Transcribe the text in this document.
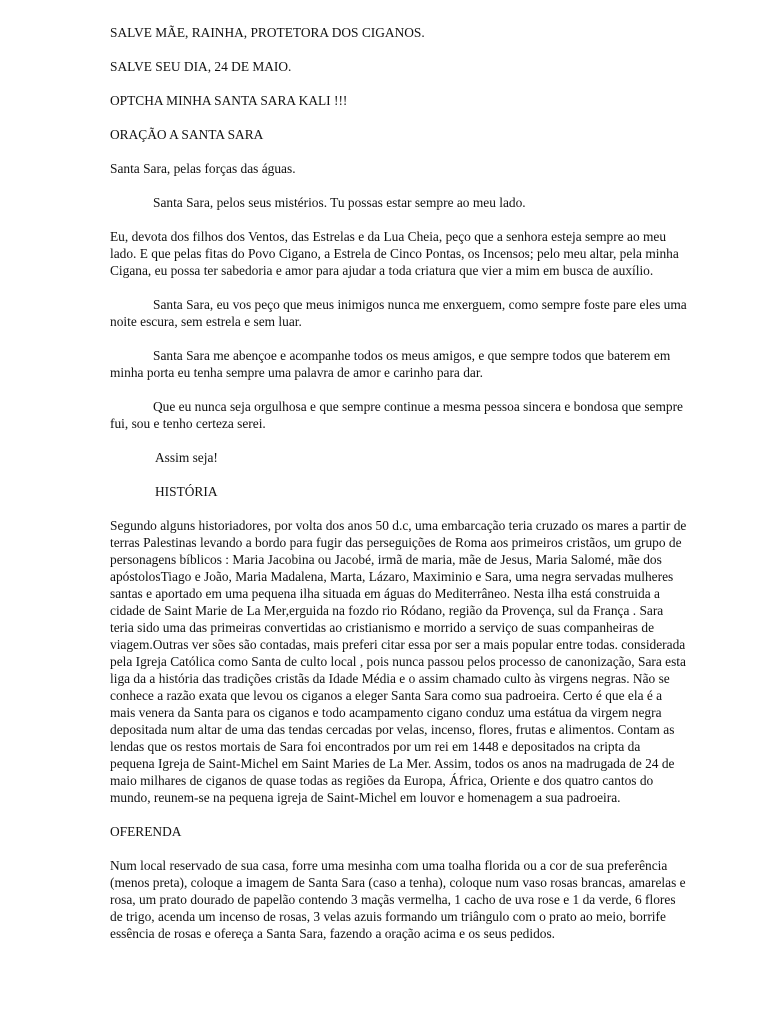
SALVE MÃE, RAINHA, PROTETORA DOS CIGANOS.

SALVE SEU DIA, 24 DE MAIO.

OPTCHA MINHA SANTA SARA KALI !!!

ORAÇÃO A SANTA SARA

Santa Sara, pelas forças das águas.

Santa Sara, pelos seus mistérios. Tu possas estar sempre ao meu lado.

Eu, devota dos filhos dos Ventos, das Estrelas e da Lua Cheia, peço que a senhora esteja sempre ao meu lado. E que pelas fitas do Povo Cigano, a Estrela de Cinco Pontas, os Incensos; pelo meu altar, pela minha Cigana, eu possa ter sabedoria e amor para ajudar a toda criatura que vier a mim em busca de auxílio.

Santa Sara, eu vos peço que meus inimigos nunca me enxerguem, como sempre foste pare eles uma noite escura, sem estrela e sem luar.

Santa Sara me abençoe e acompanhe todos os meus amigos, e que sempre todos que baterem em minha porta eu tenha sempre uma palavra de amor e carinho para dar.

Que eu nunca seja orgulhosa e que sempre continue a mesma pessoa sincera e bondosa que sempre fui, sou e tenho certeza serei.

Assim seja!

HISTÓRIA

Segundo alguns historiadores, por volta dos anos 50 d.c, uma embarcação teria cruzado os mares a partir de terras Palestinas levando a bordo para fugir das perseguições de Roma aos primeiros cristãos, um grupo de personagens bíblicos : Maria Jacobina ou Jacobé, irmã de maria, mãe de Jesus, Maria Salomé, mãe dos apóstolosTiago e João, Maria Madalena, Marta, Lázaro, Maximinio e Sara, uma negra servadas mulheres santas e aportado em uma pequena ilha situada em águas do Mediterrâneo. Nesta ilha está construida a cidade de Saint Marie de La Mer,erguida na fozdo rio Ródano, região da Provença, sul da França . Sara teria sido uma das primeiras convertidas ao cristianismo e morrido a serviço de suas companheiras de viagem.Outras ver sões são contadas, mais preferi citar essa por ser a mais popular entre todas. considerada pela Igreja Católica como Santa de culto local , pois nunca passou pelos processo de canonização, Sara esta liga da a história das tradições cristãs da Idade Média e o assim chamado culto às virgens negras. Não se conhece a razão exata que levou os ciganos a eleger Santa Sara como sua padroeira. Certo é que ela é a mais venera da Santa para os ciganos e todo acampamento cigano conduz uma estátua da virgem negra depositada num altar de uma das tendas cercadas por velas, incenso, flores, frutas e alimentos. Contam as lendas que os restos mortais de Sara foi encontrados por um rei em 1448 e depositados na cripta da pequena Igreja de Saint-Michel em Saint Maries de La Mer. Assim, todos os anos na madrugada de 24 de maio milhares de ciganos de quase todas as regiões da Europa, África, Oriente e dos quatro cantos do mundo, reunem-se na pequena igreja de Saint-Michel em louvor e homenagem a sua padroeira.

OFERENDA

Num local reservado de sua casa, forre uma mesinha com uma toalha florida ou a cor de sua preferência (menos preta), coloque a imagem de Santa Sara (caso a tenha), coloque num vaso rosas brancas, amarelas e rosa, um prato dourado de papelão contendo 3 maçãs vermelha, 1 cacho de uva rose e 1 da verde, 6 flores de trigo, acenda um incenso de rosas, 3 velas azuis formando um triângulo com o prato ao meio, borrife essência de rosas e ofereça a Santa Sara, fazendo a oração acima e os seus pedidos.
